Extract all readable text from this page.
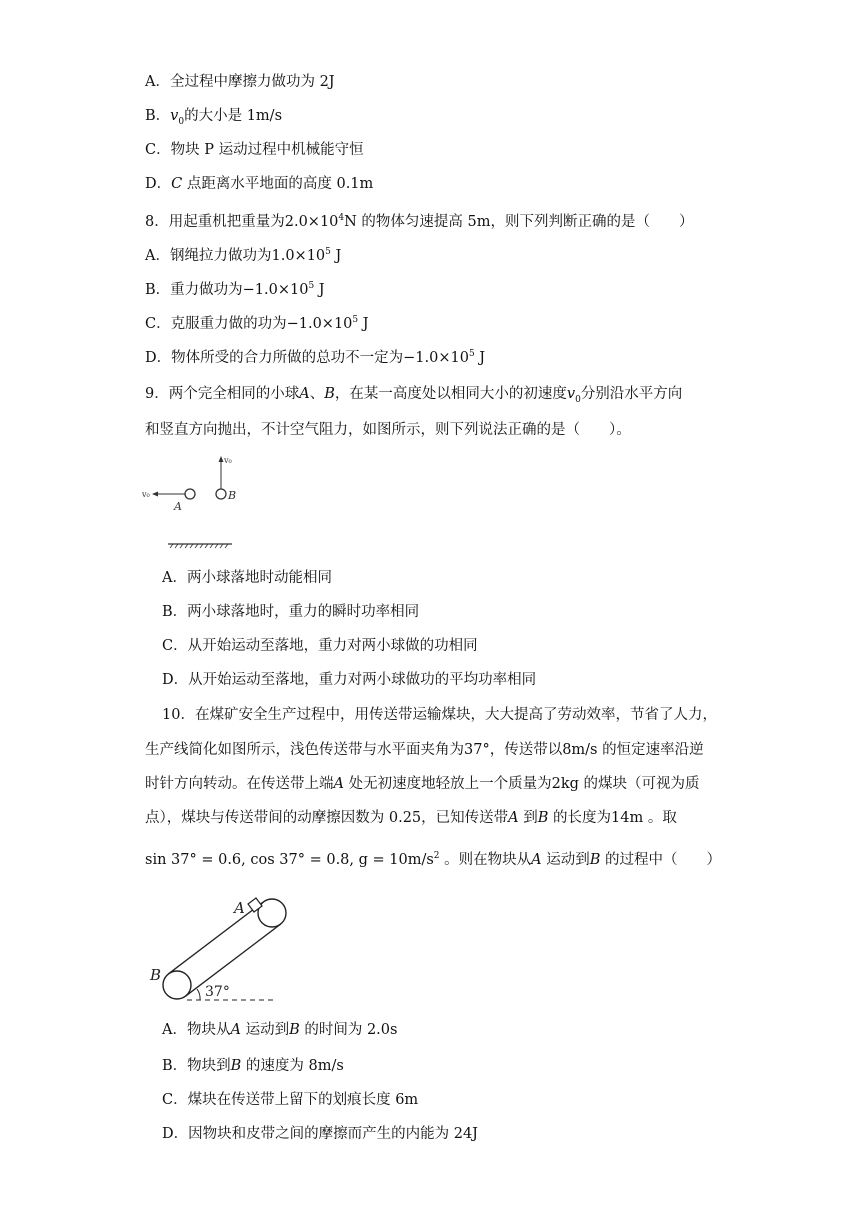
A．全过程中摩擦力做功为 2J
B．$v_0$的大小是 1m/s
C．物块 P 运动过程中机械能守恒
D．C 点距离水平地面的高度 0.1m
8．用起重机把重量为$2.0\times 10^4N$ 的物体匀速提高 5m，则下列判断正确的是（　　）
A．钢绳拉力做功为$1.0\times 10^5$ J
B．重力做功为$-1.0\times 10^5$ J
C．克服重力做的功为$-1.0\times 10^5$ J
D．物体所受的合力所做的总功不一定为$-1.0\times 10^5$ J
9．两个完全相同的小球A、B，在某一高度处以相同大小的初速度$v_0$分别沿水平方向
和竖直方向抛出，不计空气阻力，如图所示，则下列说法正确的是（　　）。
v₀
A
v₀
B
A．两小球落地时动能相同
B．两小球落地时，重力的瞬时功率相同
C．从开始运动至落地，重力对两小球做的功相同
D．从开始运动至落地，重力对两小球做功的平均功率相同
10．在煤矿安全生产过程中，用传送带运输煤块，大大提高了劳动效率，节省了人力，
生产线简化如图所示，浅色传送带与水平面夹角为37°，传送带以8m/s 的恒定速率沿逆
时针方向转动。在传送带上端A 处无初速度地轻放上一个质量为2kg 的煤块（可视为质
点），煤块与传送带间的动摩擦因数为 0.25，已知传送带A 到B 的长度为14m 。取
sin 37° = 0.6, cos 37° = 0.8, $g = 10m/s^2$ 。则在物块从A 运动到B 的过程中（　　）
A
B
37°
A．物块从A 运动到B 的时间为 2.0s
B．物块到B 的速度为 8m/s
C．煤块在传送带上留下的划痕长度 6m
D．因物块和皮带之间的摩擦而产生的内能为 24J
